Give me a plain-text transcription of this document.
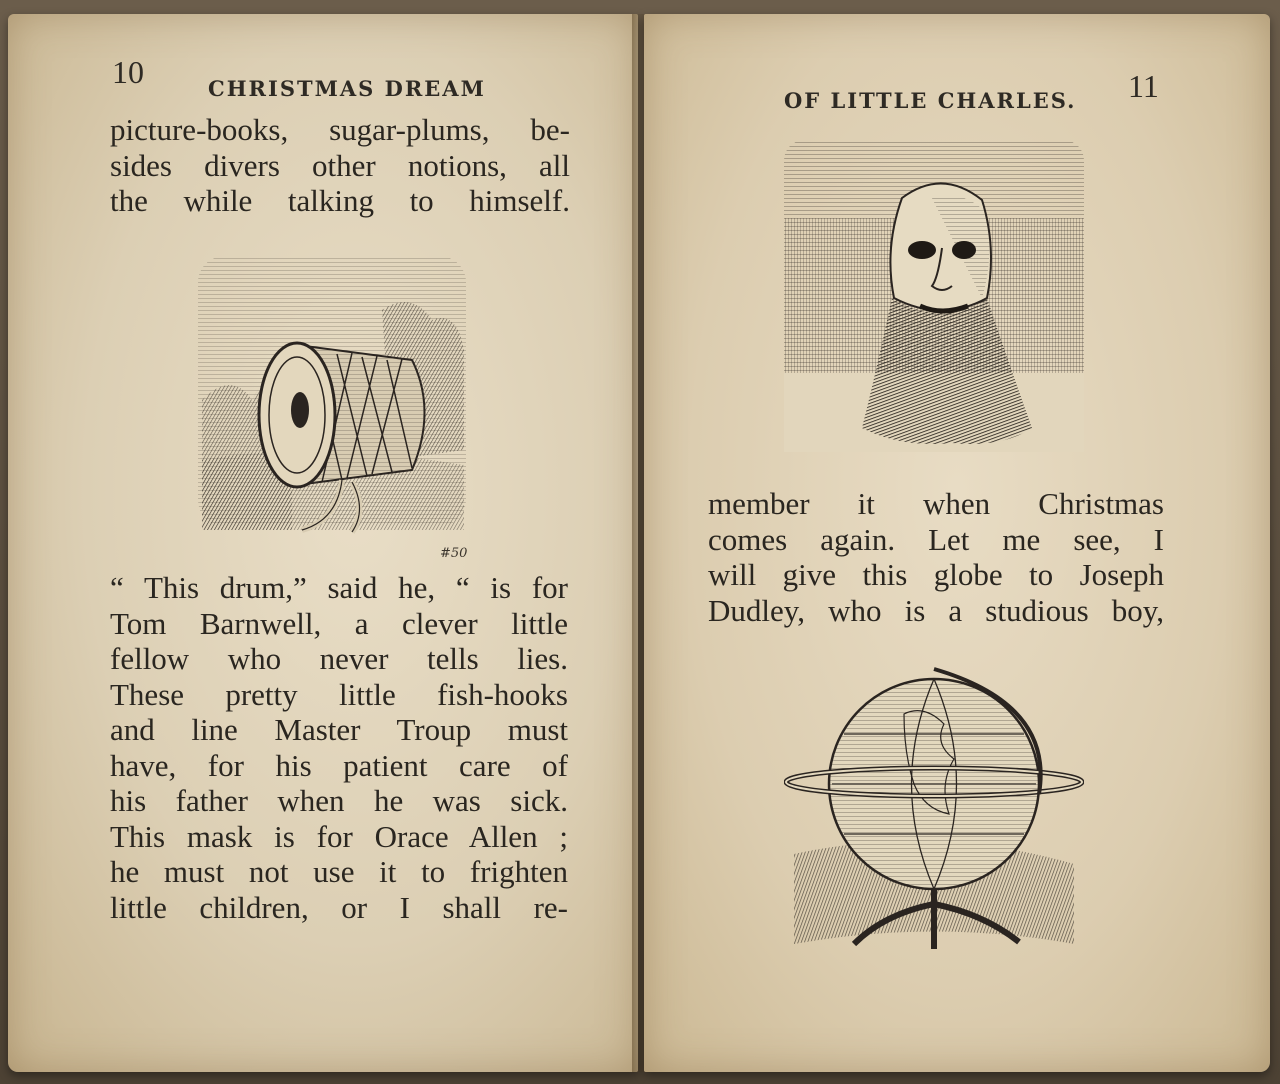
10	CHRISTMAS DREAM
picture-books, sugar-plums, be-
sides divers other notions, all
the while talking to himself.
#50
“ This drum,” said he, “ is for
Tom Barnwell, a clever little
fellow who never tells lies.
These pretty little fish-hooks
and line Master Troup must
have, for his patient care of
his father when he was sick.
This mask is for Orace Allen ;
he must not use it to frighten
little children, or I shall re-
OF LITTLE CHARLES. 11
member it when Christmas
comes again. Let me see, I
will give this globe to Joseph
Dudley, who is a studious boy,
